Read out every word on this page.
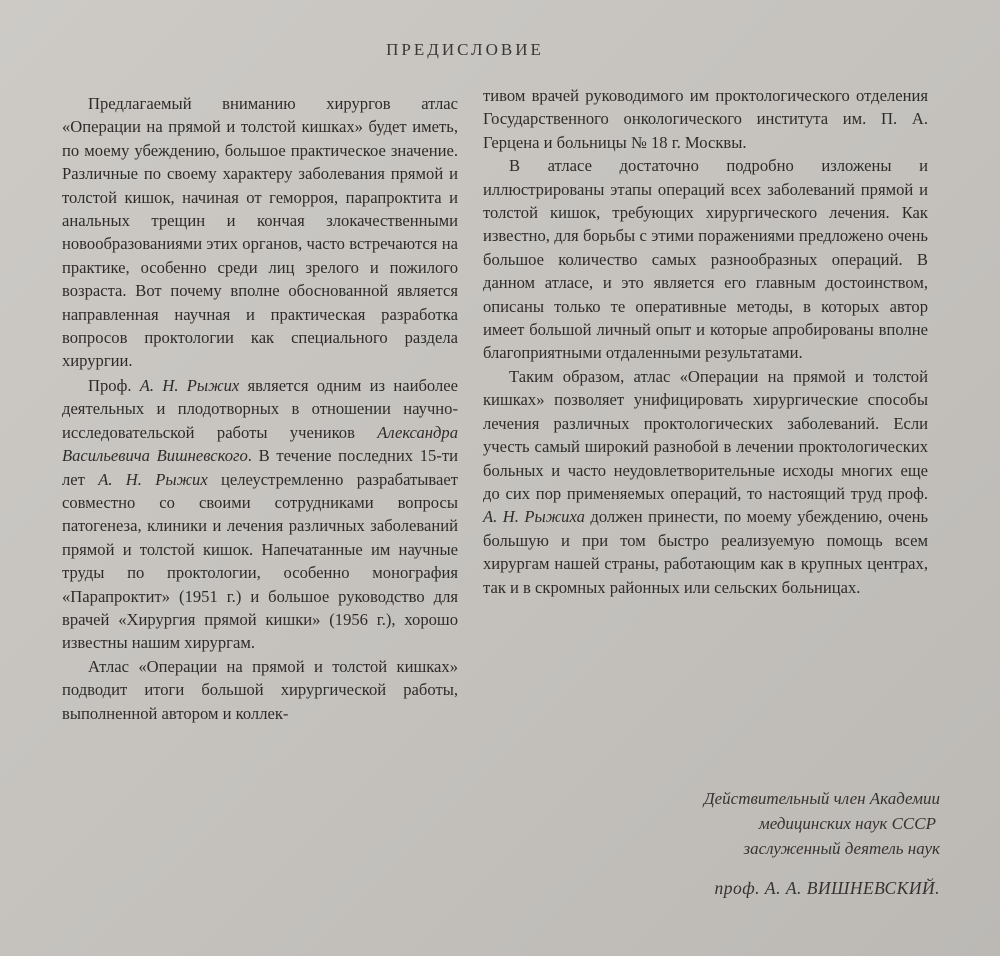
ПРЕДИСЛОВИЕ

Предлагаемый вниманию хирургов атлас «Операции на прямой и толстой кишках» будет иметь, по моему убеждению, большое практическое значение. Различные по своему характеру заболевания прямой и толстой кишок, начиная от геморроя, парапроктита и анальных трещин и кончая злокачественными новообразованиями этих органов, часто встречаются на практике, особенно среди лиц зрелого и пожилого возраста. Вот почему вполне обоснованной является направленная научная и практическая разработка вопросов проктологии как специального раздела хирургии.

Проф. А. Н. Рыжих является одним из наиболее деятельных и плодотворных в отношении научно-исследовательской работы учеников Александра Васильевича Вишневского. В течение последних 15-ти лет А. Н. Рыжих целеустремленно разрабатывает совместно со своими сотрудниками вопросы патогенеза, клиники и лечения различных заболеваний прямой и толстой кишок. Напечатанные им научные труды по проктологии, особенно монография «Парапроктит» (1951 г.) и большое руководство для врачей «Хирургия прямой кишки» (1956 г.), хорошо известны нашим хирургам.

Атлас «Операции на прямой и толстой кишках» подводит итоги большой хирургической работы, выполненной автором и коллек-

тивом врачей руководимого им проктологического отделения Государственного онкологического института им. П. А. Герцена и больницы № 18 г. Москвы.

В атласе достаточно подробно изложены и иллюстрированы этапы операций всех заболеваний прямой и толстой кишок, требующих хирургического лечения. Как известно, для борьбы с этими поражениями предложено очень большое количество самых разнообразных операций. В данном атласе, и это является его главным достоинством, описаны только те оперативные методы, в которых автор имеет большой личный опыт и которые апробированы вполне благоприятными отдаленными результатами.

Таким образом, атлас «Операции на прямой и толстой кишках» позволяет унифицировать хирургические способы лечения различных проктологических заболеваний. Если учесть самый широкий разнобой в лечении проктологических больных и часто неудовлетворительные исходы многих еще до сих пор применяемых операций, то настоящий труд проф. А. Н. Рыжиха должен принести, по моему убеждению, очень большую и при том быстро реализуемую помощь всем хирургам нашей страны, работающим как в крупных центрах, так и в скромных районных или сельских больницах.

Действительный член Академии
медицинских наук СССР
заслуженный деятель наук
проф. А. А. ВИШНЕВСКИЙ.
